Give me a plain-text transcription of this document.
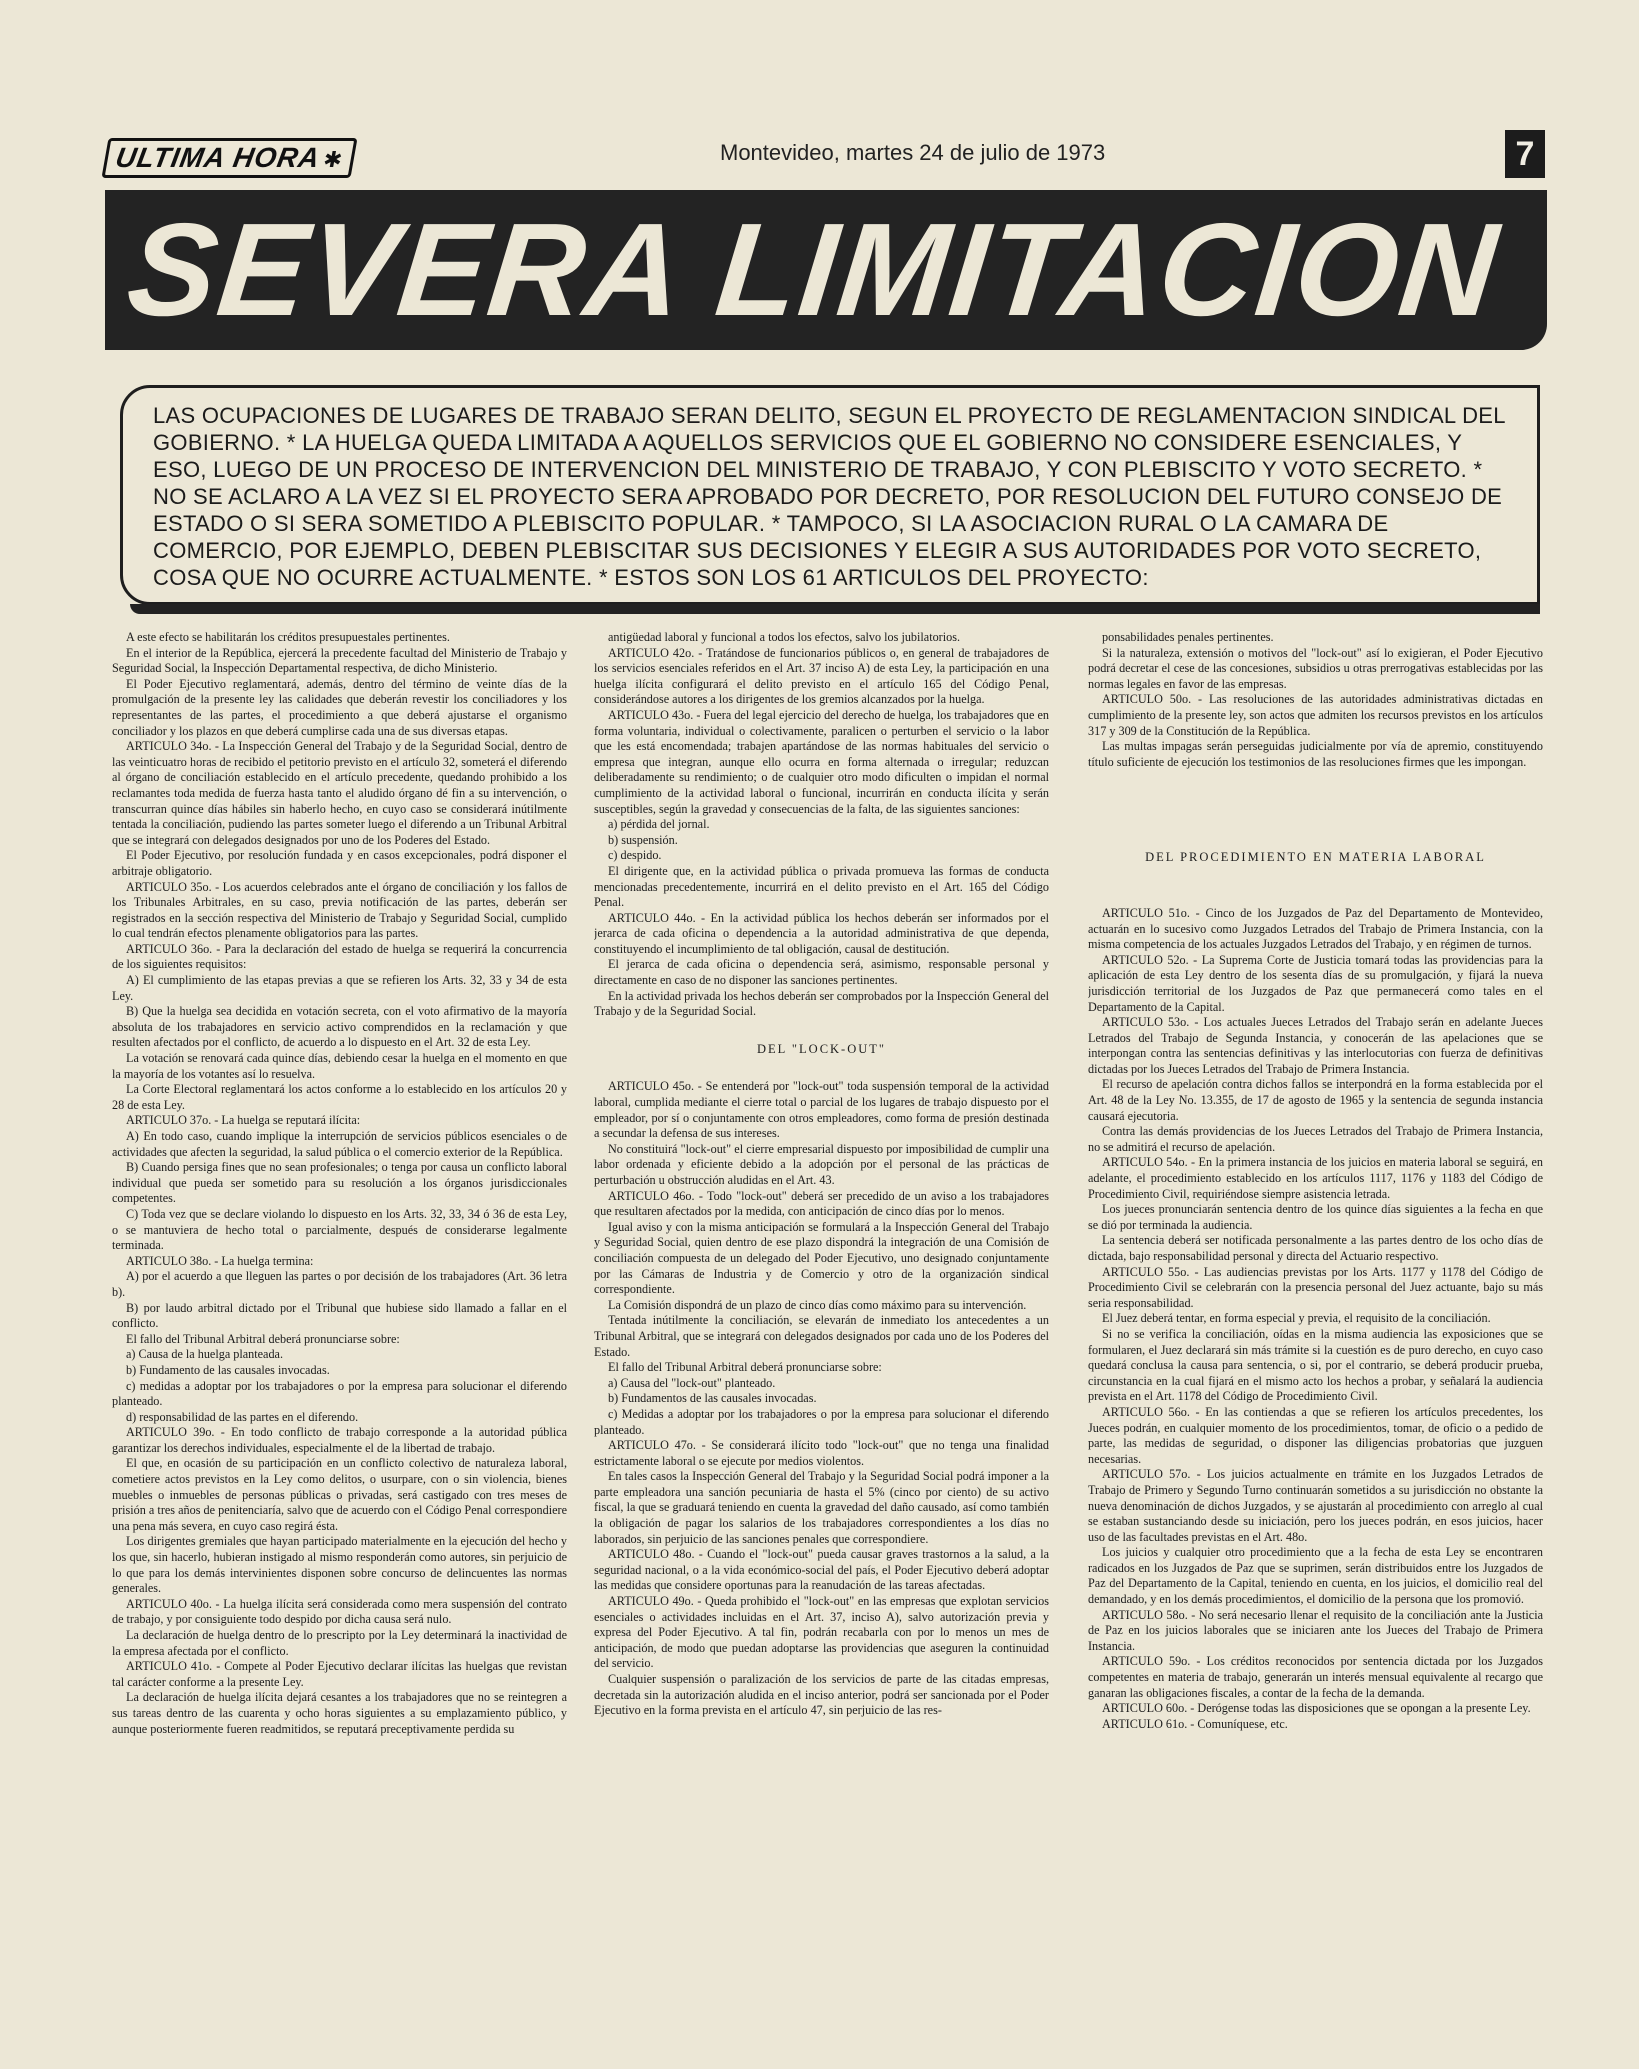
ULTIMA HORA✱	Montevideo, martes 24 de julio de 1973	7
SEVERA LIMITACION
LAS OCUPACIONES DE LUGARES DE TRABAJO SERAN DELITO, SEGUN EL PROYECTO DE REGLAMENTACION SINDICAL DEL GOBIERNO. * LA HUELGA QUEDA LIMITADA A AQUELLOS SERVICIOS QUE EL GOBIERNO NO CONSIDERE ESENCIALES, Y ESO, LUEGO DE UN PROCESO DE INTERVENCION DEL MINISTERIO DE TRABAJO, Y CON PLEBISCITO Y VOTO SECRETO. * NO SE ACLARO A LA VEZ SI EL PROYECTO SERA APROBADO POR DECRETO, POR RESOLUCION DEL FUTURO CONSEJO DE ESTADO O SI SERA SOMETIDO A PLEBISCITO POPULAR. * TAMPOCO, SI LA ASOCIACION RURAL O LA CAMARA DE COMERCIO, POR EJEMPLO, DEBEN PLEBISCITAR SUS DECISIONES Y ELEGIR A SUS AUTORIDADES POR VOTO SECRETO, COSA QUE NO OCURRE ACTUALMENTE. * ESTOS SON LOS 61 ARTICULOS DEL PROYECTO:

A este efecto se habilitarán los créditos presupuestales pertinentes.

En el interior de la República, ejercerá la precedente facultad del Ministerio de Trabajo y Seguridad Social, la Inspección Departamental respectiva, de dicho Ministerio.

El Poder Ejecutivo reglamentará, además, dentro del término de veinte días de la promulgación de la presente ley las calidades que deberán revestir los conciliadores y los representantes de las partes, el procedimiento a que deberá ajustarse el organismo conciliador y los plazos en que deberá cumplirse cada una de sus diversas etapas.

ARTICULO 34o. - La Inspección General del Trabajo y de la Seguridad Social, dentro de las veinticuatro horas de recibido el petitorio previsto en el artículo 32, someterá el diferendo al órgano de conciliación establecido en el artículo precedente, quedando prohibido a los reclamantes toda medida de fuerza hasta tanto el aludido órgano dé fin a su intervención, o transcurran quince días hábiles sin haberlo hecho, en cuyo caso se considerará inútilmente tentada la conciliación, pudiendo las partes someter luego el diferendo a un Tribunal Arbitral que se integrará con delegados designados por uno de los Poderes del Estado.

El Poder Ejecutivo, por resolución fundada y en casos excepcionales, podrá disponer el arbitraje obligatorio.

ARTICULO 35o. - Los acuerdos celebrados ante el órgano de conciliación y los fallos de los Tribunales Arbitrales, en su caso, previa notificación de las partes, deberán ser registrados en la sección respectiva del Ministerio de Trabajo y Seguridad Social, cumplido lo cual tendrán efectos plenamente obligatorios para las partes.

ARTICULO 36o. - Para la declaración del estado de huelga se requerirá la concurrencia de los siguientes requisitos:

A) El cumplimiento de las etapas previas a que se refieren los Arts. 32, 33 y 34 de esta Ley.

B) Que la huelga sea decidida en votación secreta, con el voto afirmativo de la mayoría absoluta de los trabajadores en servicio activo comprendidos en la reclamación y que resulten afectados por el conflicto, de acuerdo a lo dispuesto en el Art. 32 de esta Ley.

La votación se renovará cada quince días, debiendo cesar la huelga en el momento en que la mayoría de los votantes así lo resuelva.

La Corte Electoral reglamentará los actos conforme a lo establecido en los artículos 20 y 28 de esta Ley.

ARTICULO 37o. - La huelga se reputará ilícita:

A) En todo caso, cuando implique la interrupción de servicios públicos esenciales o de actividades que afecten la seguridad, la salud pública o el comercio exterior de la República.

B) Cuando persiga fines que no sean profesionales; o tenga por causa un conflicto laboral individual que pueda ser sometido para su resolución a los órganos jurisdiccionales competentes.

C) Toda vez que se declare violando lo dispuesto en los Arts. 32, 33, 34 ó 36 de esta Ley, o se mantuviera de hecho total o parcialmente, después de considerarse legalmente terminada.

ARTICULO 38o. - La huelga termina:

A) por el acuerdo a que lleguen las partes o por decisión de los trabajadores (Art. 36 letra b).

B) por laudo arbitral dictado por el Tribunal que hubiese sido llamado a fallar en el conflicto.

El fallo del Tribunal Arbitral deberá pronunciarse sobre:

a) Causa de la huelga planteada.

b) Fundamento de las causales invocadas.

c) medidas a adoptar por los trabajadores o por la empresa para solucionar el diferendo planteado.

d) responsabilidad de las partes en el diferendo.

ARTICULO 39o. - En todo conflicto de trabajo corresponde a la autoridad pública garantizar los derechos individuales, especialmente el de la libertad de trabajo.

El que, en ocasión de su participación en un conflicto colectivo de naturaleza laboral, cometiere actos previstos en la Ley como delitos, o usurpare, con o sin violencia, bienes muebles o inmuebles de personas públicas o privadas, será castigado con tres meses de prisión a tres años de penitenciaría, salvo que de acuerdo con el Código Penal correspondiere una pena más severa, en cuyo caso regirá ésta.

Los dirigentes gremiales que hayan participado materialmente en la ejecución del hecho y los que, sin hacerlo, hubieran instigado al mismo responderán como autores, sin perjuicio de lo que para los demás intervinientes disponen sobre concurso de delincuentes las normas generales.

ARTICULO 40o. - La huelga ilícita será considerada como mera suspensión del contrato de trabajo, y por consiguiente todo despido por dicha causa será nulo.

La declaración de huelga dentro de lo prescripto por la Ley determinará la inactividad de la empresa afectada por el conflicto.

ARTICULO 41o. - Compete al Poder Ejecutivo declarar ilícitas las huelgas que revistan tal carácter conforme a la presente Ley.

La declaración de huelga ilícita dejará cesantes a los trabajadores que no se reintegren a sus tareas dentro de las cuarenta y ocho horas siguientes a su emplazamiento público, y aunque posteriormente fueren readmitidos, se reputará preceptivamente perdida su

antigüedad laboral y funcional a todos los efectos, salvo los jubilatorios.

ARTICULO 42o. - Tratándose de funcionarios públicos o, en general de trabajadores de los servicios esenciales referidos en el Art. 37 inciso A) de esta Ley, la participación en una huelga ilícita configurará el delito previsto en el artículo 165 del Código Penal, considerándose autores a los dirigentes de los gremios alcanzados por la huelga.

ARTICULO 43o. - Fuera del legal ejercicio del derecho de huelga, los trabajadores que en forma voluntaria, individual o colectivamente, paralicen o perturben el servicio o la labor que les está encomendada; trabajen apartándose de las normas habituales del servicio o empresa que integran, aunque ello ocurra en forma alternada o irregular; reduzcan deliberadamente su rendimiento; o de cualquier otro modo dificulten o impidan el normal cumplimiento de la actividad laboral o funcional, incurrirán en conducta ilícita y serán susceptibles, según la gravedad y consecuencias de la falta, de las siguientes sanciones:

a) pérdida del jornal.

b) suspensión.

c) despido.

El dirigente que, en la actividad pública o privada promueva las formas de conducta mencionadas precedentemente, incurrirá en el delito previsto en el Art. 165 del Código Penal.

ARTICULO 44o. - En la actividad pública los hechos deberán ser informados por el jerarca de cada oficina o dependencia a la autoridad administrativa de que dependa, constituyendo el incumplimiento de tal obligación, causal de destitución.

El jerarca de cada oficina o dependencia será, asimismo, responsable personal y directamente en caso de no disponer las sanciones pertinentes.

En la actividad privada los hechos deberán ser comprobados por la Inspección General del Trabajo y de la Seguridad Social.

DEL "LOCK-OUT"

ARTICULO 45o. - Se entenderá por "lock-out" toda suspensión temporal de la actividad laboral, cumplida mediante el cierre total o parcial de los lugares de trabajo dispuesto por el empleador, por sí o conjuntamente con otros empleadores, como forma de presión destinada a secundar la defensa de sus intereses.

No constituirá "lock-out" el cierre empresarial dispuesto por imposibilidad de cumplir una labor ordenada y eficiente debido a la adopción por el personal de las prácticas de perturbación u obstrucción aludidas en el Art. 43.

ARTICULO 46o. - Todo "lock-out" deberá ser precedido de un aviso a los trabajadores que resultaren afectados por la medida, con anticipación de cinco días por lo menos.

Igual aviso y con la misma anticipación se formulará a la Inspección General del Trabajo y Seguridad Social, quien dentro de ese plazo dispondrá la integración de una Comisión de conciliación compuesta de un delegado del Poder Ejecutivo, uno designado conjuntamente por las Cámaras de Industria y de Comercio y otro de la organización sindical correspondiente.

La Comisión dispondrá de un plazo de cinco días como máximo para su intervención.

Tentada inútilmente la conciliación, se elevarán de inmediato los antecedentes a un Tribunal Arbitral, que se integrará con delegados designados por cada uno de los Poderes del Estado.

El fallo del Tribunal Arbitral deberá pronunciarse sobre:

a) Causa del "lock-out" planteado.

b) Fundamentos de las causales invocadas.

c) Medidas a adoptar por los trabajadores o por la empresa para solucionar el diferendo planteado.

ARTICULO 47o. - Se considerará ilícito todo "lock-out" que no tenga una finalidad estrictamente laboral o se ejecute por medios violentos.

En tales casos la Inspección General del Trabajo y la Seguridad Social podrá imponer a la parte empleadora una sanción pecuniaria de hasta el 5% (cinco por ciento) de su activo fiscal, la que se graduará teniendo en cuenta la gravedad del daño causado, así como también la obligación de pagar los salarios de los trabajadores correspondientes a los días no laborados, sin perjuicio de las sanciones penales que correspondiere.

ARTICULO 48o. - Cuando el "lock-out" pueda causar graves trastornos a la salud, a la seguridad nacional, o a la vida económico-social del país, el Poder Ejecutivo deberá adoptar las medidas que considere oportunas para la reanudación de las tareas afectadas.

ARTICULO 49o. - Queda prohibido el "lock-out" en las empresas que explotan servicios esenciales o actividades incluidas en el Art. 37, inciso A), salvo autorización previa y expresa del Poder Ejecutivo. A tal fin, podrán recabarla con por lo menos un mes de anticipación, de modo que puedan adoptarse las providencias que aseguren la continuidad del servicio.

Cualquier suspensión o paralización de los servicios de parte de las citadas empresas, decretada sin la autorización aludida en el inciso anterior, podrá ser sancionada por el Poder Ejecutivo en la forma prevista en el artículo 47, sin perjuicio de las res-

ponsabilidades penales pertinentes.

Si la naturaleza, extensión o motivos del "lock-out" así lo exigieran, el Poder Ejecutivo podrá decretar el cese de las concesiones, subsidios u otras prerrogativas establecidas por las normas legales en favor de las empresas.

ARTICULO 50o. - Las resoluciones de las autoridades administrativas dictadas en cumplimiento de la presente ley, son actos que admiten los recursos previstos en los artículos 317 y 309 de la Constitución de la República.

Las multas impagas serán perseguidas judicialmente por vía de apremio, constituyendo título suficiente de ejecución los testimonios de las resoluciones firmes que les impongan.

DEL PROCEDIMIENTO EN MATERIA LABORAL

ARTICULO 51o. - Cinco de los Juzgados de Paz del Departamento de Montevideo, actuarán en lo sucesivo como Juzgados Letrados del Trabajo de Primera Instancia, con la misma competencia de los actuales Juzgados Letrados del Trabajo, y en régimen de turnos.

ARTICULO 52o. - La Suprema Corte de Justicia tomará todas las providencias para la aplicación de esta Ley dentro de los sesenta días de su promulgación, y fijará la nueva jurisdicción territorial de los Juzgados de Paz que permanecerá como tales en el Departamento de la Capital.

ARTICULO 53o. - Los actuales Jueces Letrados del Trabajo serán en adelante Jueces Letrados del Trabajo de Segunda Instancia, y conocerán de las apelaciones que se interpongan contra las sentencias definitivas y las interlocutorias con fuerza de definitivas dictadas por los Jueces Letrados del Trabajo de Primera Instancia.

El recurso de apelación contra dichos fallos se interpondrá en la forma establecida por el Art. 48 de la Ley No. 13.355, de 17 de agosto de 1965 y la sentencia de segunda instancia causará ejecutoria.

Contra las demás providencias de los Jueces Letrados del Trabajo de Primera Instancia, no se admitirá el recurso de apelación.

ARTICULO 54o. - En la primera instancia de los juicios en materia laboral se seguirá, en adelante, el procedimiento establecido en los artículos 1117, 1176 y 1183 del Código de Procedimiento Civil, requiriéndose siempre asistencia letrada.

Los jueces pronunciarán sentencia dentro de los quince días siguientes a la fecha en que se dió por terminada la audiencia.

La sentencia deberá ser notificada personalmente a las partes dentro de los ocho días de dictada, bajo responsabilidad personal y directa del Actuario respectivo.

ARTICULO 55o. - Las audiencias previstas por los Arts. 1177 y 1178 del Código de Procedimiento Civil se celebrarán con la presencia personal del Juez actuante, bajo su más seria responsabilidad.

El Juez deberá tentar, en forma especial y previa, el requisito de la conciliación.

Si no se verifica la conciliación, oídas en la misma audiencia las exposiciones que se formularen, el Juez declarará sin más trámite si la cuestión es de puro derecho, en cuyo caso quedará conclusa la causa para sentencia, o si, por el contrario, se deberá producir prueba, circunstancia en la cual fijará en el mismo acto los hechos a probar, y señalará la audiencia prevista en el Art. 1178 del Código de Procedimiento Civil.

ARTICULO 56o. - En las contiendas a que se refieren los artículos precedentes, los Jueces podrán, en cualquier momento de los procedimientos, tomar, de oficio o a pedido de parte, las medidas de seguridad, o disponer las diligencias probatorias que juzguen necesarias.

ARTICULO 57o. - Los juicios actualmente en trámite en los Juzgados Letrados de Trabajo de Primero y Segundo Turno continuarán sometidos a su jurisdicción no obstante la nueva denominación de dichos Juzgados, y se ajustarán al procedimiento con arreglo al cual se estaban sustanciando desde su iniciación, pero los jueces podrán, en esos juicios, hacer uso de las facultades previstas en el Art. 48o.

Los juicios y cualquier otro procedimiento que a la fecha de esta Ley se encontraren radicados en los Juzgados de Paz que se suprimen, serán distribuidos entre los Juzgados de Paz del Departamento de la Capital, teniendo en cuenta, en los juicios, el domicilio real del demandado, y en los demás procedimientos, el domicilio de la persona que los promovió.

ARTICULO 58o. - No será necesario llenar el requisito de la conciliación ante la Justicia de Paz en los juicios laborales que se iniciaren ante los Jueces del Trabajo de Primera Instancia.

ARTICULO 59o. - Los créditos reconocidos por sentencia dictada por los Juzgados competentes en materia de trabajo, generarán un interés mensual equivalente al recargo que ganaran las obligaciones fiscales, a contar de la fecha de la demanda.

ARTICULO 60o. - Derógense todas las disposiciones que se opongan a la presente Ley.

ARTICULO 61o. - Comuníquese, etc.
